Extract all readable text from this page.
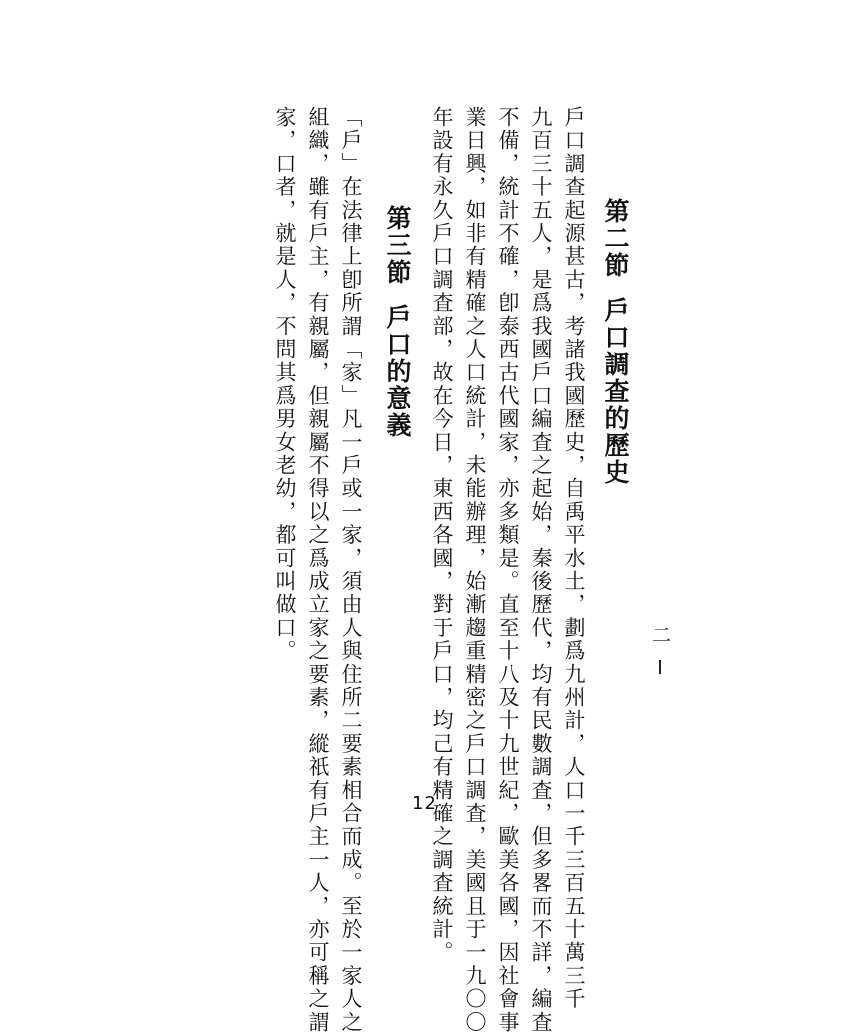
第二節戶口調查的歷史
戶口調查起源甚古，考諸我國歷史，自禹平水土，劃爲九州計，人口一千三百五十萬三千
九百三十五人，是爲我國戶口編査之起始，秦後歷代，均有民數調査，但多畧而不詳，編査
不備，統計不確，卽泰西古代國家，亦多類是。直至十八及十九世紀，歐美各國，因社會事
業日興，如非有精確之人口統計，未能辦理，始漸趨重精密之戶口調査，美國且于一九〇〇
年設有永久戶口調査部，故在今日，東西各國，對于戶口，均己有精確之調査統計。
第三節戶口的意義
「戶」在法律上卽所謂「家」凡一戶或一家，須由人與住所二要素相合而成。至於一家人之
組織，雖有戶主，有親屬，但親屬不得以之爲成立家之要素，縱祇有戶主一人，亦可稱之謂
家，口者，就是人，不問其爲男女老幼，都可叫做口。	二
12
